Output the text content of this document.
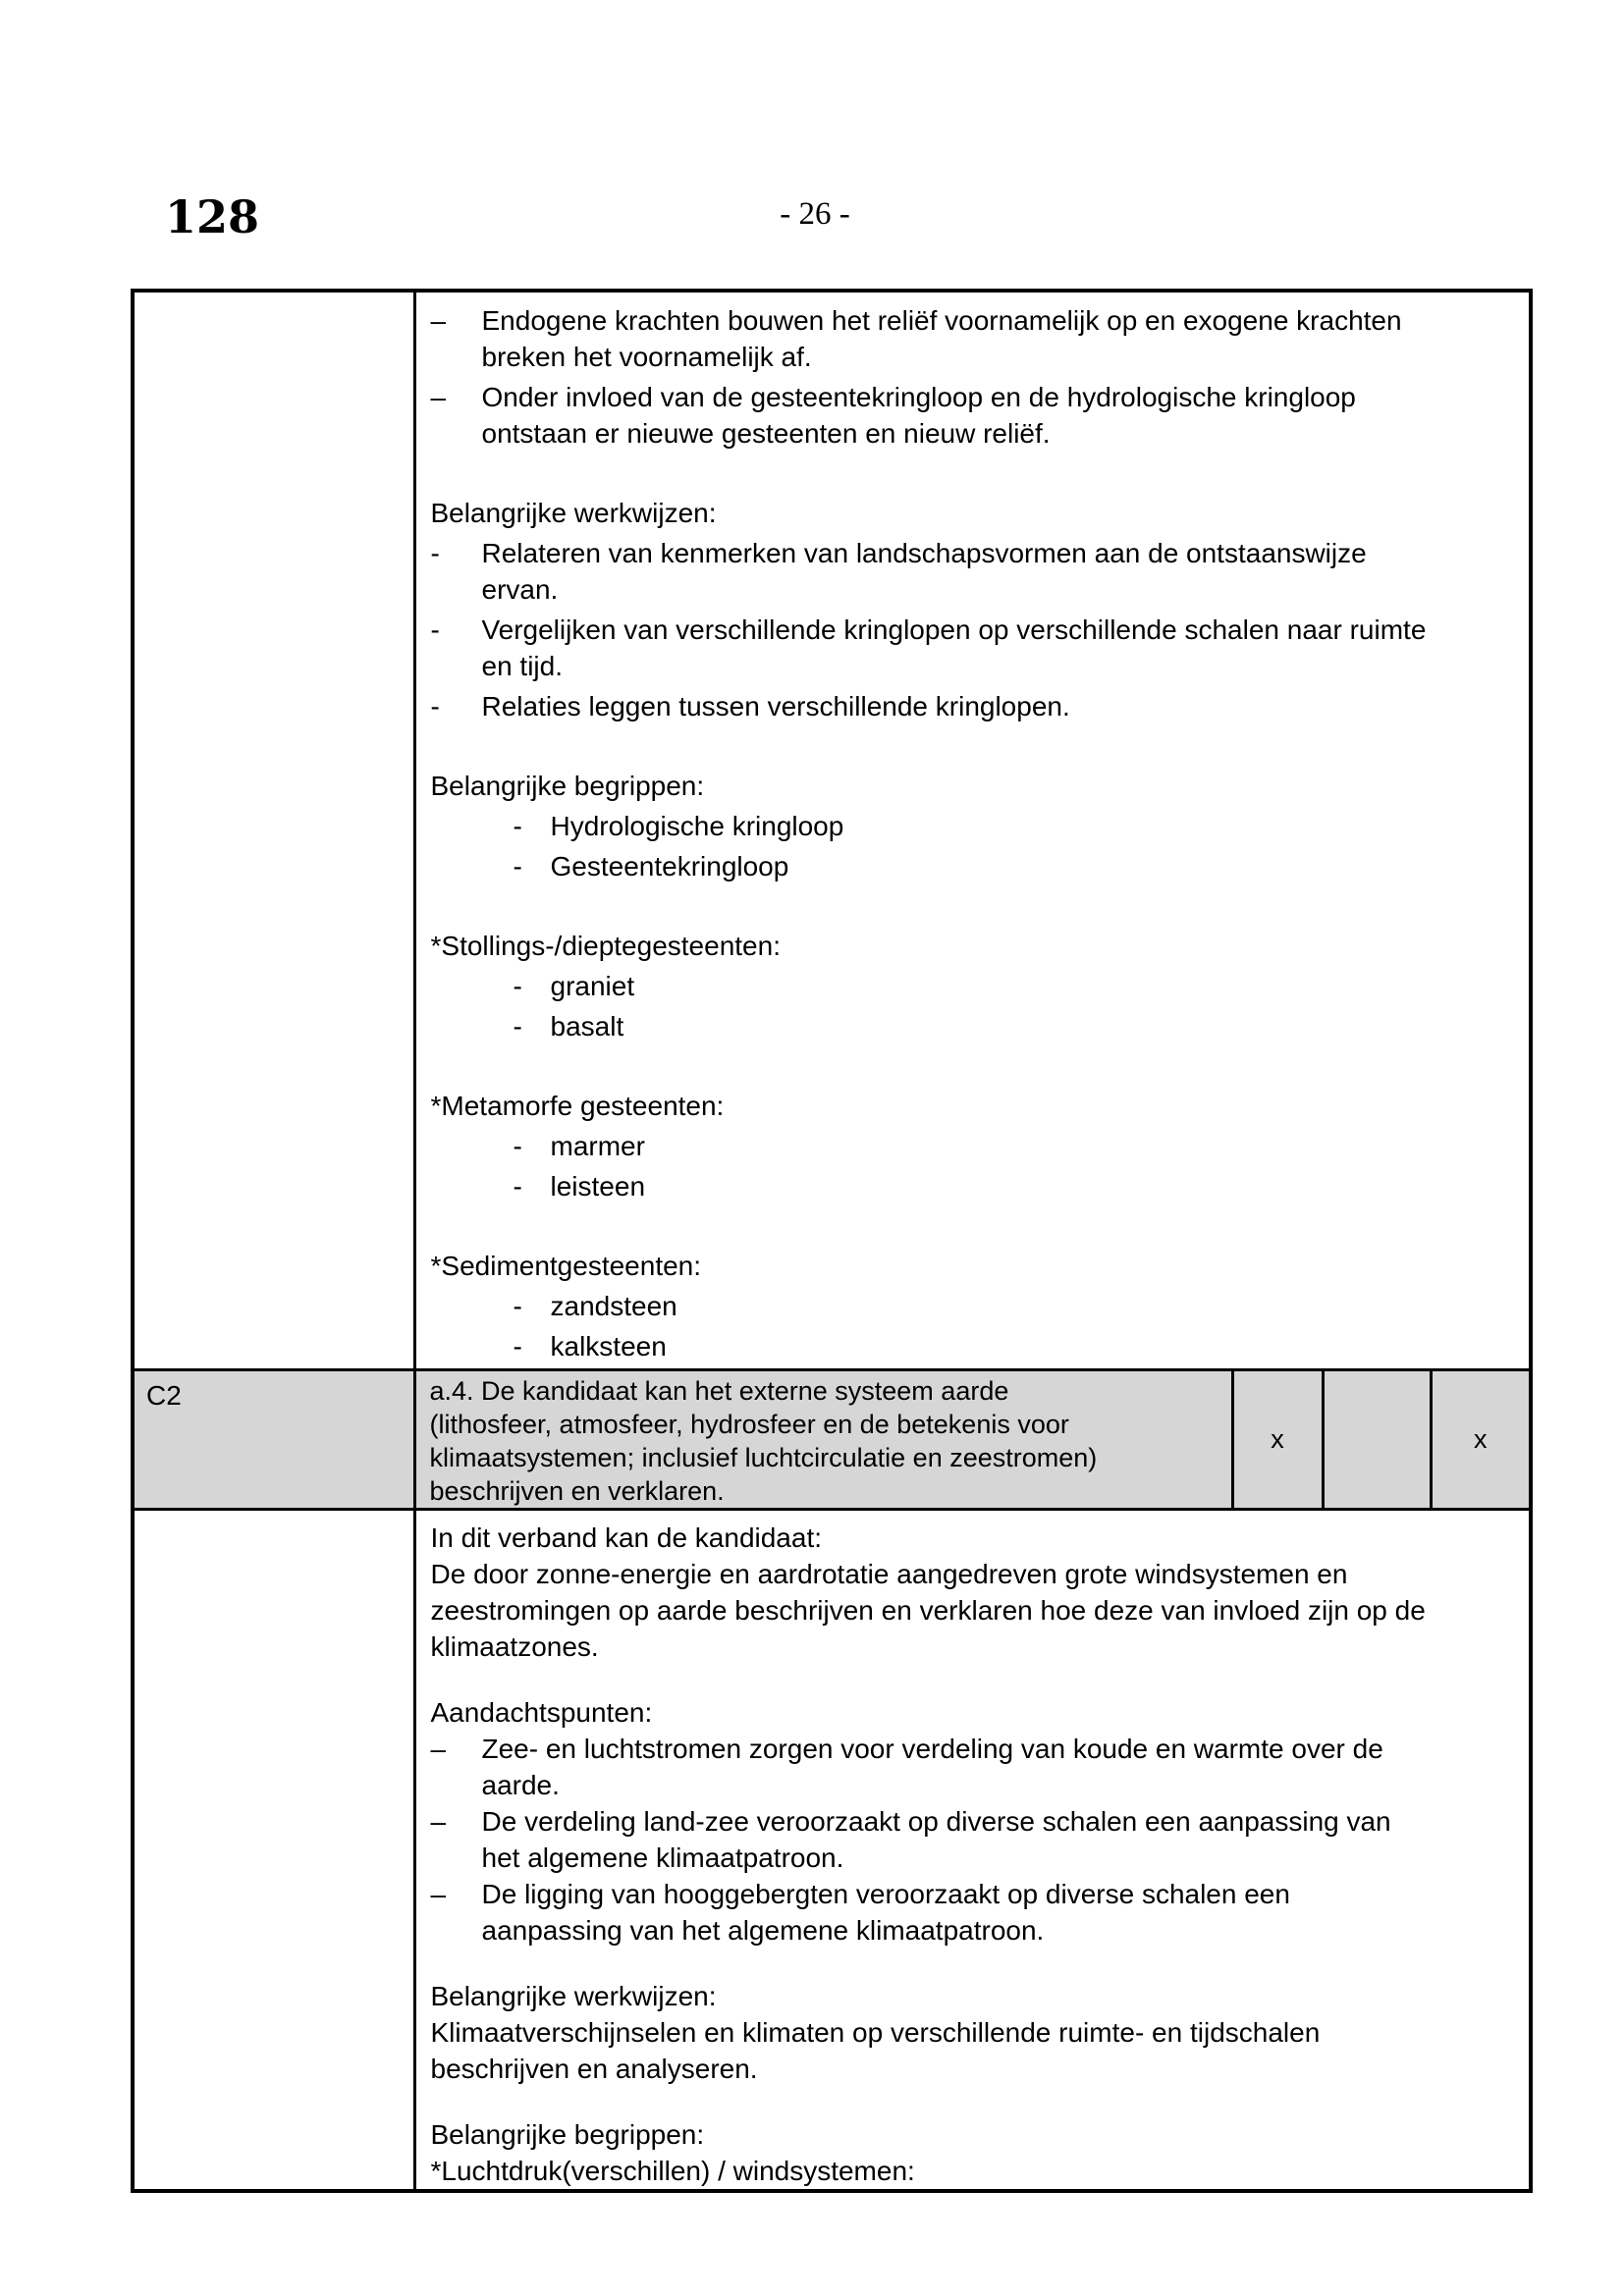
128	- 26 -

–	Endogene krachten bouwen het reliëf voornamelijk op en exogene krachten
breken het voornamelijk af.
–	Onder invloed van de gesteentekringloop en de hydrologische kringloop
ontstaan er nieuwe gesteenten en nieuw reliëf.
Belangrijke werkwijzen:
-	Relateren van kenmerken van landschapsvormen aan de ontstaanswijze
ervan.
-	Vergelijken van verschillende kringlopen op verschillende schalen naar ruimte
en tijd.
-	Relaties leggen tussen verschillende kringlopen.
Belangrijke begrippen:
-	Hydrologische kringloop
-	Gesteentekringloop
*Stollings-/dieptegesteenten:
-	graniet
-	basalt
*Metamorfe gesteenten:
-	marmer
-	leisteen
*Sedimentgesteenten:
-	zandsteen
-	kalksteen

C2	a.4. De kandidaat kan het externe systeem aarde
(lithosfeer, atmosfeer, hydrosfeer en de betekenis voor
klimaatsystemen; inclusief luchtcirculatie en zeestromen)
beschrijven en verklaren.	x		x

In dit verband kan de kandidaat:
De door zonne-energie en aardrotatie aangedreven grote windsystemen en
zeestromingen op aarde beschrijven en verklaren hoe deze van invloed zijn op de
klimaatzones.
Aandachtspunten:
–	Zee- en luchtstromen zorgen voor verdeling van koude en warmte over de
aarde.
–	De verdeling land-zee veroorzaakt op diverse schalen een aanpassing van
het algemene klimaatpatroon.
–	De ligging van hooggebergten veroorzaakt op diverse schalen een
aanpassing van het algemene klimaatpatroon.
Belangrijke werkwijzen:
Klimaatverschijnselen en klimaten op verschillende ruimte- en tijdschalen
beschrijven en analyseren.
Belangrijke begrippen:
*Luchtdruk(verschillen) / windsystemen:
